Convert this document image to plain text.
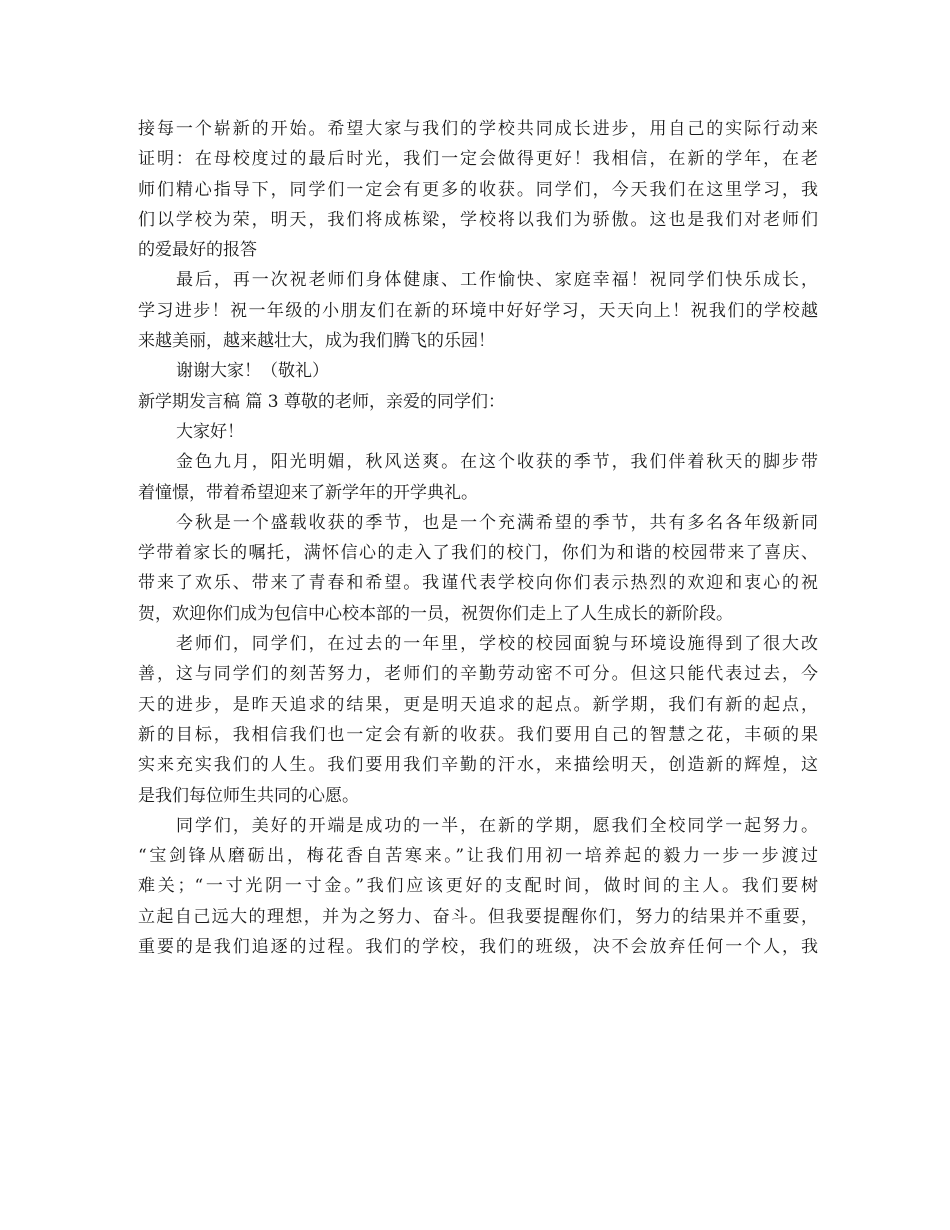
接每一个崭新的开始。希望大家与我们的学校共同成长进步，用自己的实际行动来
证明：在母校度过的最后时光，我们一定会做得更好！我相信，在新的学年，在老
师们精心指导下，同学们一定会有更多的收获。同学们，今天我们在这里学习，我
们以学校为荣，明天，我们将成栋梁，学校将以我们为骄傲。这也是我们对老师们
的爱最好的报答
最后，再一次祝老师们身体健康、工作愉快、家庭幸福！祝同学们快乐成长，
学习进步！祝一年级的小朋友们在新的环境中好好学习，天天向上！祝我们的学校越
来越美丽，越来越壮大，成为我们腾飞的乐园！
谢谢大家！（敬礼）
新学期发言稿 篇 3 尊敬的老师，亲爱的同学们：
大家好！
金色九月，阳光明媚，秋风送爽。在这个收获的季节，我们伴着秋天的脚步带
着憧憬，带着希望迎来了新学年的开学典礼。
今秋是一个盛载收获的季节，也是一个充满希望的季节，共有多名各年级新同
学带着家长的嘱托，满怀信心的走入了我们的校门，你们为和谐的校园带来了喜庆、
带来了欢乐、带来了青春和希望。我谨代表学校向你们表示热烈的欢迎和衷心的祝
贺，欢迎你们成为包信中心校本部的一员，祝贺你们走上了人生成长的新阶段。
老师们，同学们，在过去的一年里，学校的校园面貌与环境设施得到了很大改
善，这与同学们的刻苦努力，老师们的辛勤劳动密不可分。但这只能代表过去，今
天的进步，是昨天追求的结果，更是明天追求的起点。新学期，我们有新的起点，
新的目标，我相信我们也一定会有新的收获。我们要用自己的智慧之花，丰硕的果
实来充实我们的人生。我们要用我们辛勤的汗水，来描绘明天，创造新的辉煌，这
是我们每位师生共同的心愿。
同学们，美好的开端是成功的一半，在新的学期，愿我们全校同学一起努力。
“宝剑锋从磨砺出，梅花香自苦寒来。”让我们用初一培养起的毅力一步一步渡过
难关；“一寸光阴一寸金。”我们应该更好的支配时间，做时间的主人。我们要树
立起自己远大的理想，并为之努力、奋斗。但我要提醒你们，努力的结果并不重要，
重要的是我们追逐的过程。我们的学校，我们的班级，决不会放弃任何一个人，我
